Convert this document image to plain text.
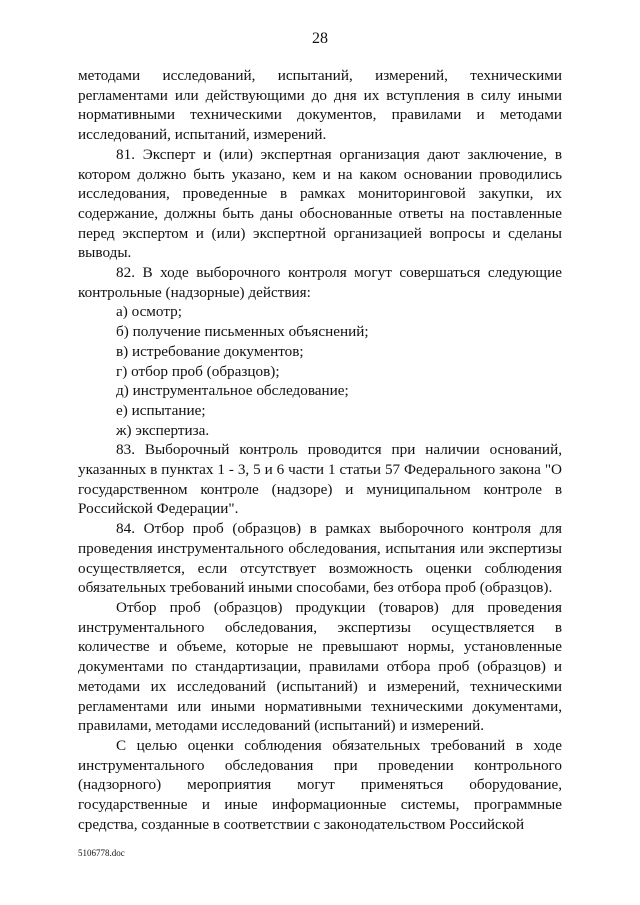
28

методами исследований, испытаний, измерений, техническими регламентами или действующими до дня их вступления в силу иными нормативными техническими документов, правилами и методами исследований, испытаний, измерений.

81. Эксперт и (или) экспертная организация дают заключение, в котором должно быть указано, кем и на каком основании проводились исследования, проведенные в рамках мониторинговой закупки, их содержание, должны быть даны обоснованные ответы на поставленные перед экспертом и (или) экспертной организацией вопросы и сделаны выводы.

82. В ходе выборочного контроля могут совершаться следующие контрольные (надзорные) действия:

а) осмотр;

б) получение письменных объяснений;

в) истребование документов;

г) отбор проб (образцов);

д) инструментальное обследование;

е) испытание;

ж) экспертиза.

83. Выборочный контроль проводится при наличии оснований, указанных в пунктах 1 - 3, 5 и 6 части 1 статьи 57 Федерального закона "О государственном контроле (надзоре) и муниципальном контроле в Российской Федерации".

84. Отбор проб (образцов) в рамках выборочного контроля для проведения инструментального обследования, испытания или экспертизы осуществляется, если отсутствует возможность оценки соблюдения обязательных требований иными способами, без отбора проб (образцов).

Отбор проб (образцов) продукции (товаров) для проведения инструментального обследования, экспертизы осуществляется в количестве и объеме, которые не превышают нормы, установленные документами по стандартизации, правилами отбора проб (образцов) и методами их исследований (испытаний) и измерений, техническими регламентами или иными нормативными техническими документами, правилами, методами исследований (испытаний) и измерений.

С целью оценки соблюдения обязательных требований в ходе инструментального обследования при проведении контрольного (надзорного) мероприятия могут применяться оборудование, государственные и иные информационные системы, программные средства, созданные в соответствии с законодательством Российской

5106778.doc
